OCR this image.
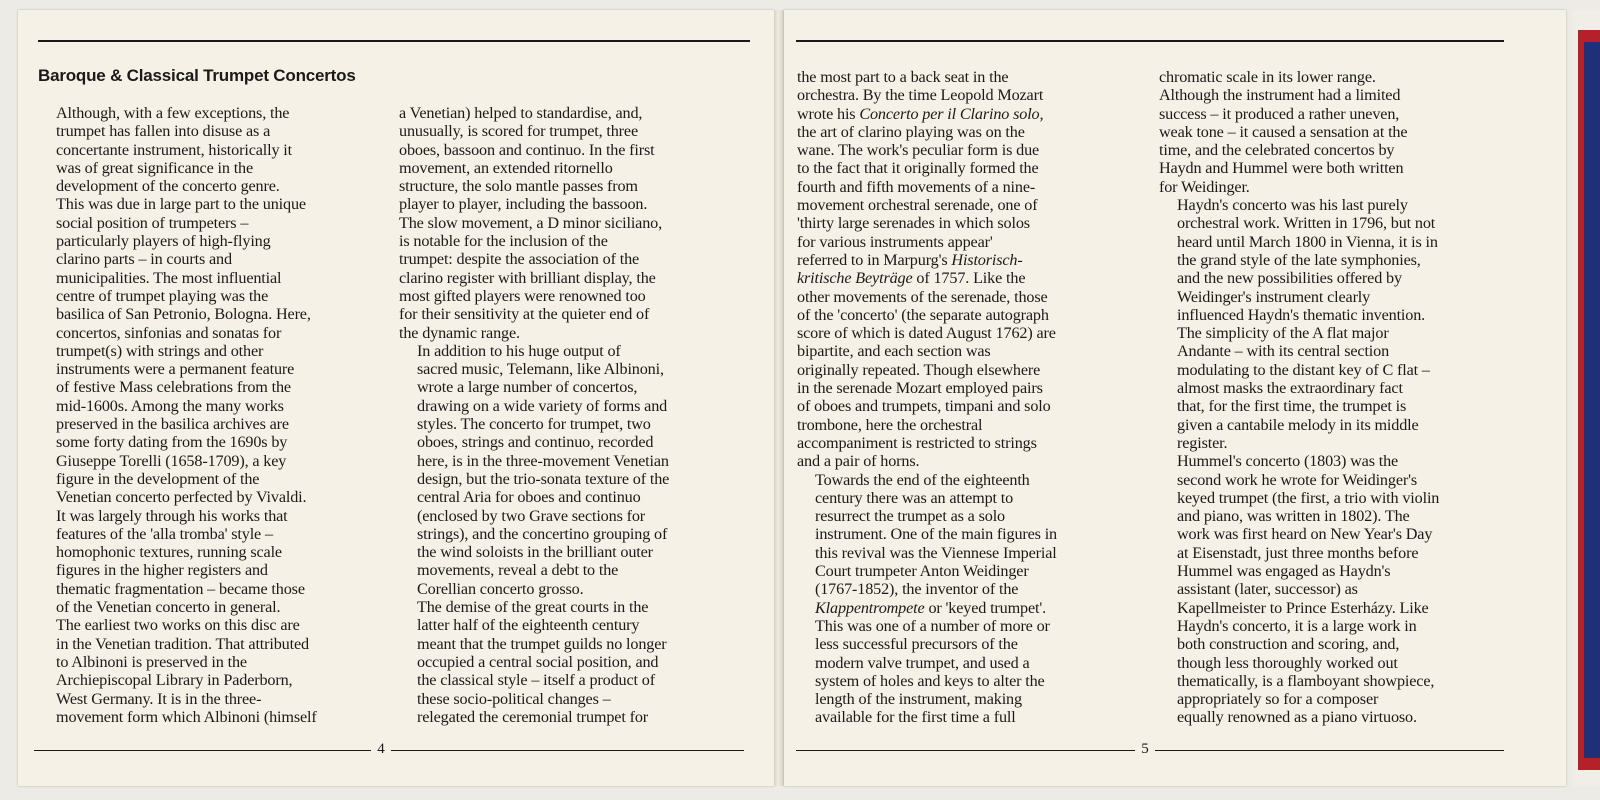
Baroque & Classical Trumpet Concertos

Although, with a few exceptions, the
trumpet has fallen into disuse as a
concertante instrument, historically it
was of great significance in the
development of the concerto genre.
This was due in large part to the unique
social position of trumpeters –
particularly players of high-flying
clarino parts – in courts and
municipalities. The most influential
centre of trumpet playing was the
basilica of San Petronio, Bologna. Here,
concertos, sinfonias and sonatas for
trumpet(s) with strings and other
instruments were a permanent feature
of festive Mass celebrations from the
mid-1600s. Among the many works
preserved in the basilica archives are
some forty dating from the 1690s by
Giuseppe Torelli (1658-1709), a key
figure in the development of the
Venetian concerto perfected by Vivaldi.
It was largely through his works that
features of the 'alla tromba' style –
homophonic textures, running scale
figures in the higher registers and
thematic fragmentation – became those
of the Venetian concerto in general.

The earliest two works on this disc are
in the Venetian tradition. That attributed
to Albinoni is preserved in the
Archiepiscopal Library in Paderborn,
West Germany. It is in the three-
movement form which Albinoni (himself

a Venetian) helped to standardise, and,
unusually, is scored for trumpet, three
oboes, bassoon and continuo. In the first
movement, an extended ritornello
structure, the solo mantle passes from
player to player, including the bassoon.
The slow movement, a D minor siciliano,
is notable for the inclusion of the
trumpet: despite the association of the
clarino register with brilliant display, the
most gifted players were renowned too
for their sensitivity at the quieter end of
the dynamic range.

In addition to his huge output of
sacred music, Telemann, like Albinoni,
wrote a large number of concertos,
drawing on a wide variety of forms and
styles. The concerto for trumpet, two
oboes, strings and continuo, recorded
here, is in the three-movement Venetian
design, but the trio-sonata texture of the
central Aria for oboes and continuo
(enclosed by two Grave sections for
strings), and the concertino grouping of
the wind soloists in the brilliant outer
movements, reveal a debt to the
Corellian concerto grosso.

The demise of the great courts in the
latter half of the eighteenth century
meant that the trumpet guilds no longer
occupied a central social position, and
the classical style – itself a product of
these socio-political changes –
relegated the ceremonial trumpet for

4

the most part to a back seat in the
orchestra. By the time Leopold Mozart
wrote his Concerto per il Clarino solo,
the art of clarino playing was on the
wane. The work's peculiar form is due
to the fact that it originally formed the
fourth and fifth movements of a nine-
movement orchestral serenade, one of
'thirty large serenades in which solos
for various instruments appear'
referred to in Marpurg's Historisch-
kritische Beyträge of 1757. Like the
other movements of the serenade, those
of the 'concerto' (the separate autograph
score of which is dated August 1762) are
bipartite, and each section was
originally repeated. Though elsewhere
in the serenade Mozart employed pairs
of oboes and trumpets, timpani and solo
trombone, here the orchestral
accompaniment is restricted to strings
and a pair of horns.

Towards the end of the eighteenth
century there was an attempt to
resurrect the trumpet as a solo
instrument. One of the main figures in
this revival was the Viennese Imperial
Court trumpeter Anton Weidinger
(1767-1852), the inventor of the
Klappentrompete or 'keyed trumpet'.
This was one of a number of more or
less successful precursors of the
modern valve trumpet, and used a
system of holes and keys to alter the
length of the instrument, making
available for the first time a full

chromatic scale in its lower range.
Although the instrument had a limited
success – it produced a rather uneven,
weak tone – it caused a sensation at the
time, and the celebrated concertos by
Haydn and Hummel were both written
for Weidinger.

Haydn's concerto was his last purely
orchestral work. Written in 1796, but not
heard until March 1800 in Vienna, it is in
the grand style of the late symphonies,
and the new possibilities offered by
Weidinger's instrument clearly
influenced Haydn's thematic invention.
The simplicity of the A flat major
Andante – with its central section
modulating to the distant key of C flat –
almost masks the extraordinary fact
that, for the first time, the trumpet is
given a cantabile melody in its middle
register.

Hummel's concerto (1803) was the
second work he wrote for Weidinger's
keyed trumpet (the first, a trio with violin
and piano, was written in 1802). The
work was first heard on New Year's Day
at Eisenstadt, just three months before
Hummel was engaged as Haydn's
assistant (later, successor) as
Kapellmeister to Prince Esterházy. Like
Haydn's concerto, it is a large work in
both construction and scoring, and,
though less thoroughly worked out
thematically, is a flamboyant showpiece,
appropriately so for a composer
equally renowned as a piano virtuoso.

5
